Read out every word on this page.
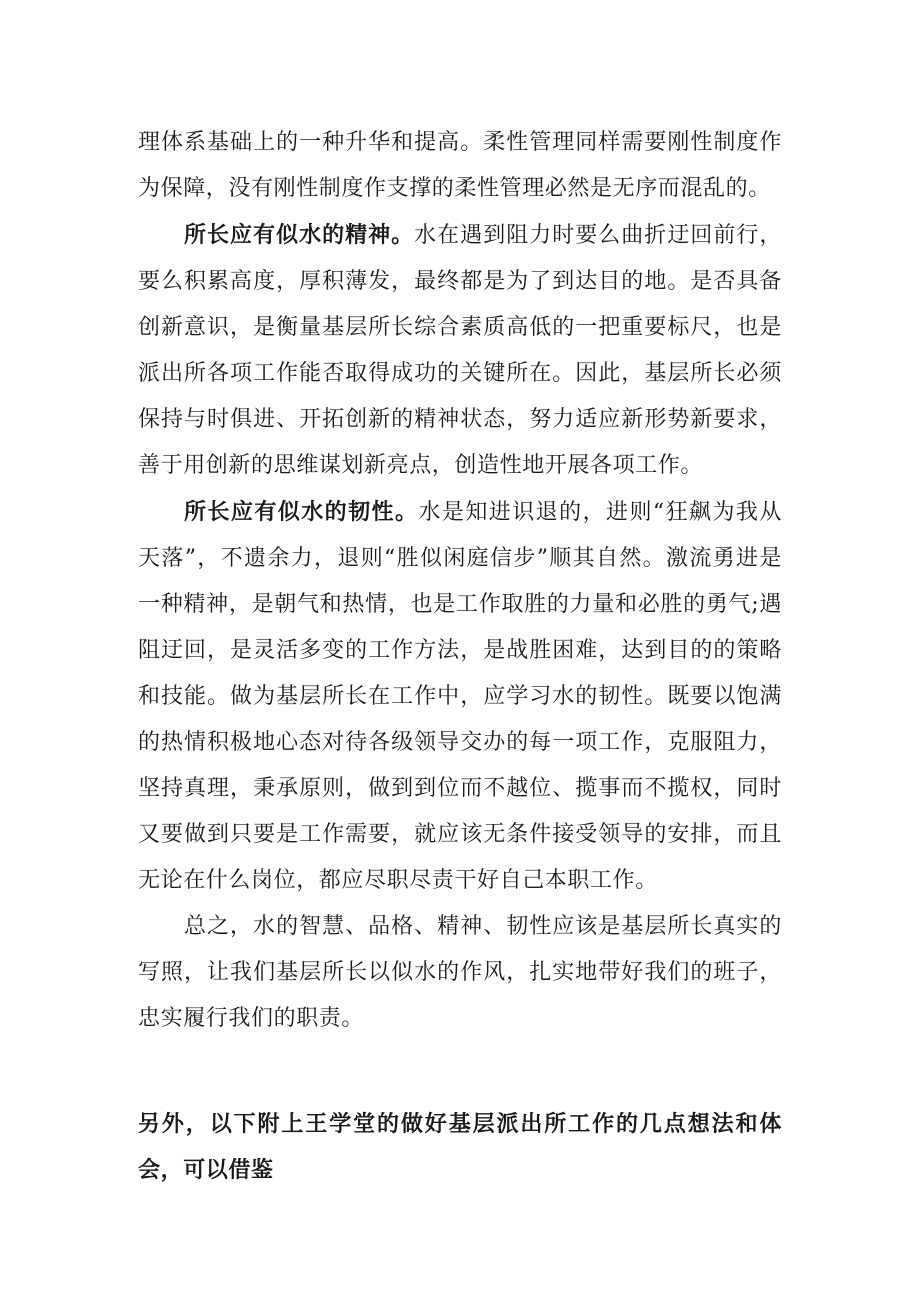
理体系基础上的一种升华和提高。柔性管理同样需要刚性制度作为保障，没有刚性制度作支撑的柔性管理必然是无序而混乱的。

所长应有似水的精神。水在遇到阻力时要么曲折迂回前行，要么积累高度，厚积薄发，最终都是为了到达目的地。是否具备创新意识，是衡量基层所长综合素质高低的一把重要标尺，也是派出所各项工作能否取得成功的关键所在。因此，基层所长必须保持与时俱进、开拓创新的精神状态，努力适应新形势新要求，善于用创新的思维谋划新亮点，创造性地开展各项工作。

所长应有似水的韧性。水是知进识退的，进则“狂飙为我从天落”，不遗余力，退则“胜似闲庭信步”顺其自然。激流勇进是一种精神，是朝气和热情，也是工作取胜的力量和必胜的勇气;遇阻迂回，是灵活多变的工作方法，是战胜困难，达到目的的策略和技能。做为基层所长在工作中，应学习水的韧性。既要以饱满的热情积极地心态对待各级领导交办的每一项工作，克服阻力，坚持真理，秉承原则，做到到位而不越位、揽事而不揽权，同时又要做到只要是工作需要，就应该无条件接受领导的安排，而且无论在什么岗位，都应尽职尽责干好自己本职工作。

总之，水的智慧、品格、精神、韧性应该是基层所长真实的写照，让我们基层所长以似水的作风，扎实地带好我们的班子，忠实履行我们的职责。

另外，以下附上王学堂的做好基层派出所工作的几点想法和体会，可以借鉴
